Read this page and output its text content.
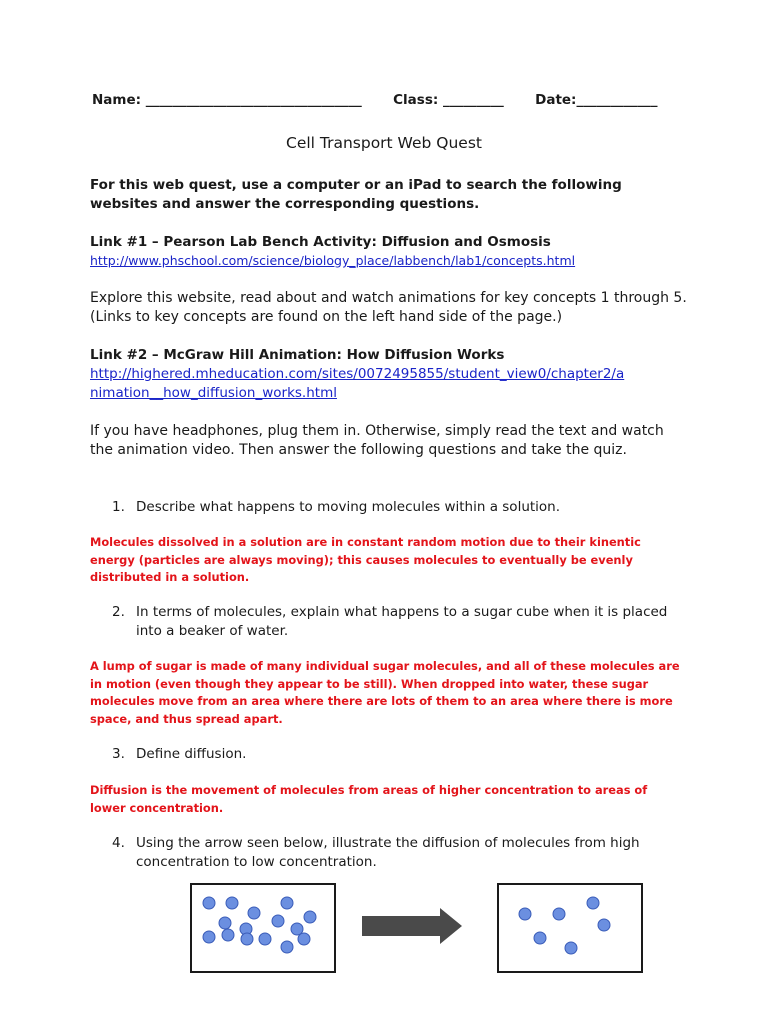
Name: ________________________________ Class: _________ Date:____________
Cell Transport Web Quest
For this web quest, use a computer or an iPad to search the following websites and answer the corresponding questions.
Link #1 – Pearson Lab Bench Activity: Diffusion and Osmosis
http://www.phschool.com/science/biology_place/labbench/lab1/concepts.html
Explore this website, read about and watch animations for key concepts 1 through 5. (Links to key concepts are found on the left hand side of the page.)
Link #2 – McGraw Hill Animation: How Diffusion Works
http://highered.mheducation.com/sites/0072495855/student_view0/chapter2/a
nimation__how_diffusion_works.html
If you have headphones, plug them in. Otherwise, simply read the text and watch the animation video. Then answer the following questions and take the quiz.
1. Describe what happens to moving molecules within a solution.
Molecules dissolved in a solution are in constant random motion due to their kinentic energy (particles are always moving); this causes molecules to eventually be evenly distributed in a solution.
2. In terms of molecules, explain what happens to a sugar cube when it is placed into a beaker of water.
A lump of sugar is made of many individual sugar molecules, and all of these molecules are in motion (even though they appear to be still). When dropped into water, these sugar molecules move from an area where there are lots of them to an area where there is more space, and thus spread apart.
3. Define diffusion.
Diffusion is the movement of molecules from areas of higher concentration to areas of lower concentration.
4. Using the arrow seen below, illustrate the diffusion of molecules from high concentration to low concentration.
